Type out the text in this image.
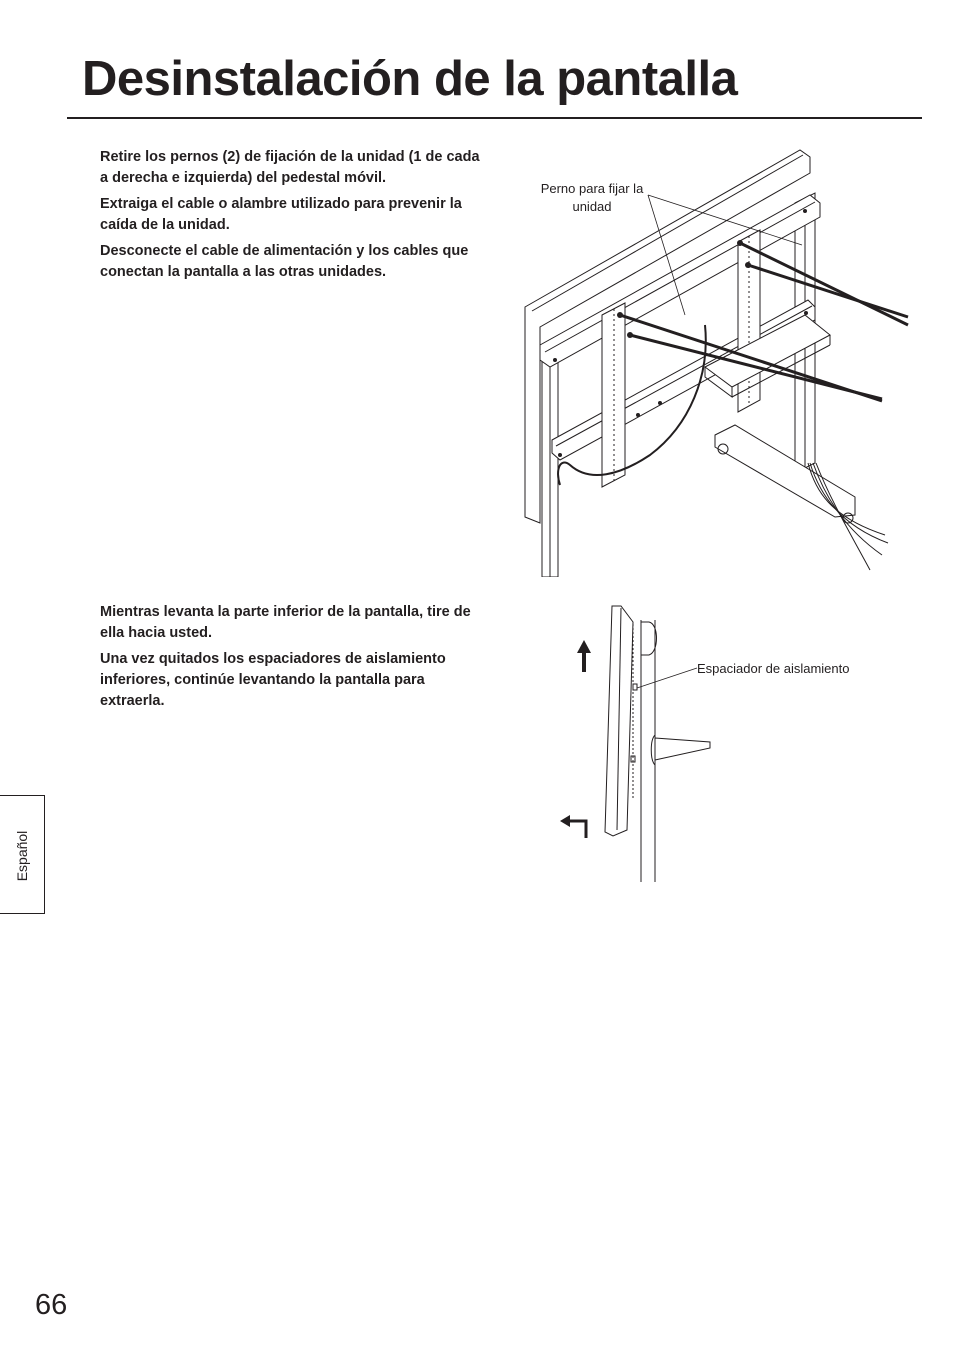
Desinstalación de la pantalla

Retire los pernos (2) de fijación de la unidad (1 de cada a derecha e izquierda) del pedestal móvil.

Extraiga el cable o alambre utilizado para prevenir la caída de la unidad.

Desconecte el cable de alimentación y los cables que conectan la pantalla a las otras unidades.

Perno para fijar la
unidad

Mientras levanta la parte inferior de la pantalla, tire de ella hacia usted.

Una vez quitados los espaciadores de aislamiento inferiores, continúe levantando la pantalla para extraerla.

Espaciador de aislamiento
Español
66
